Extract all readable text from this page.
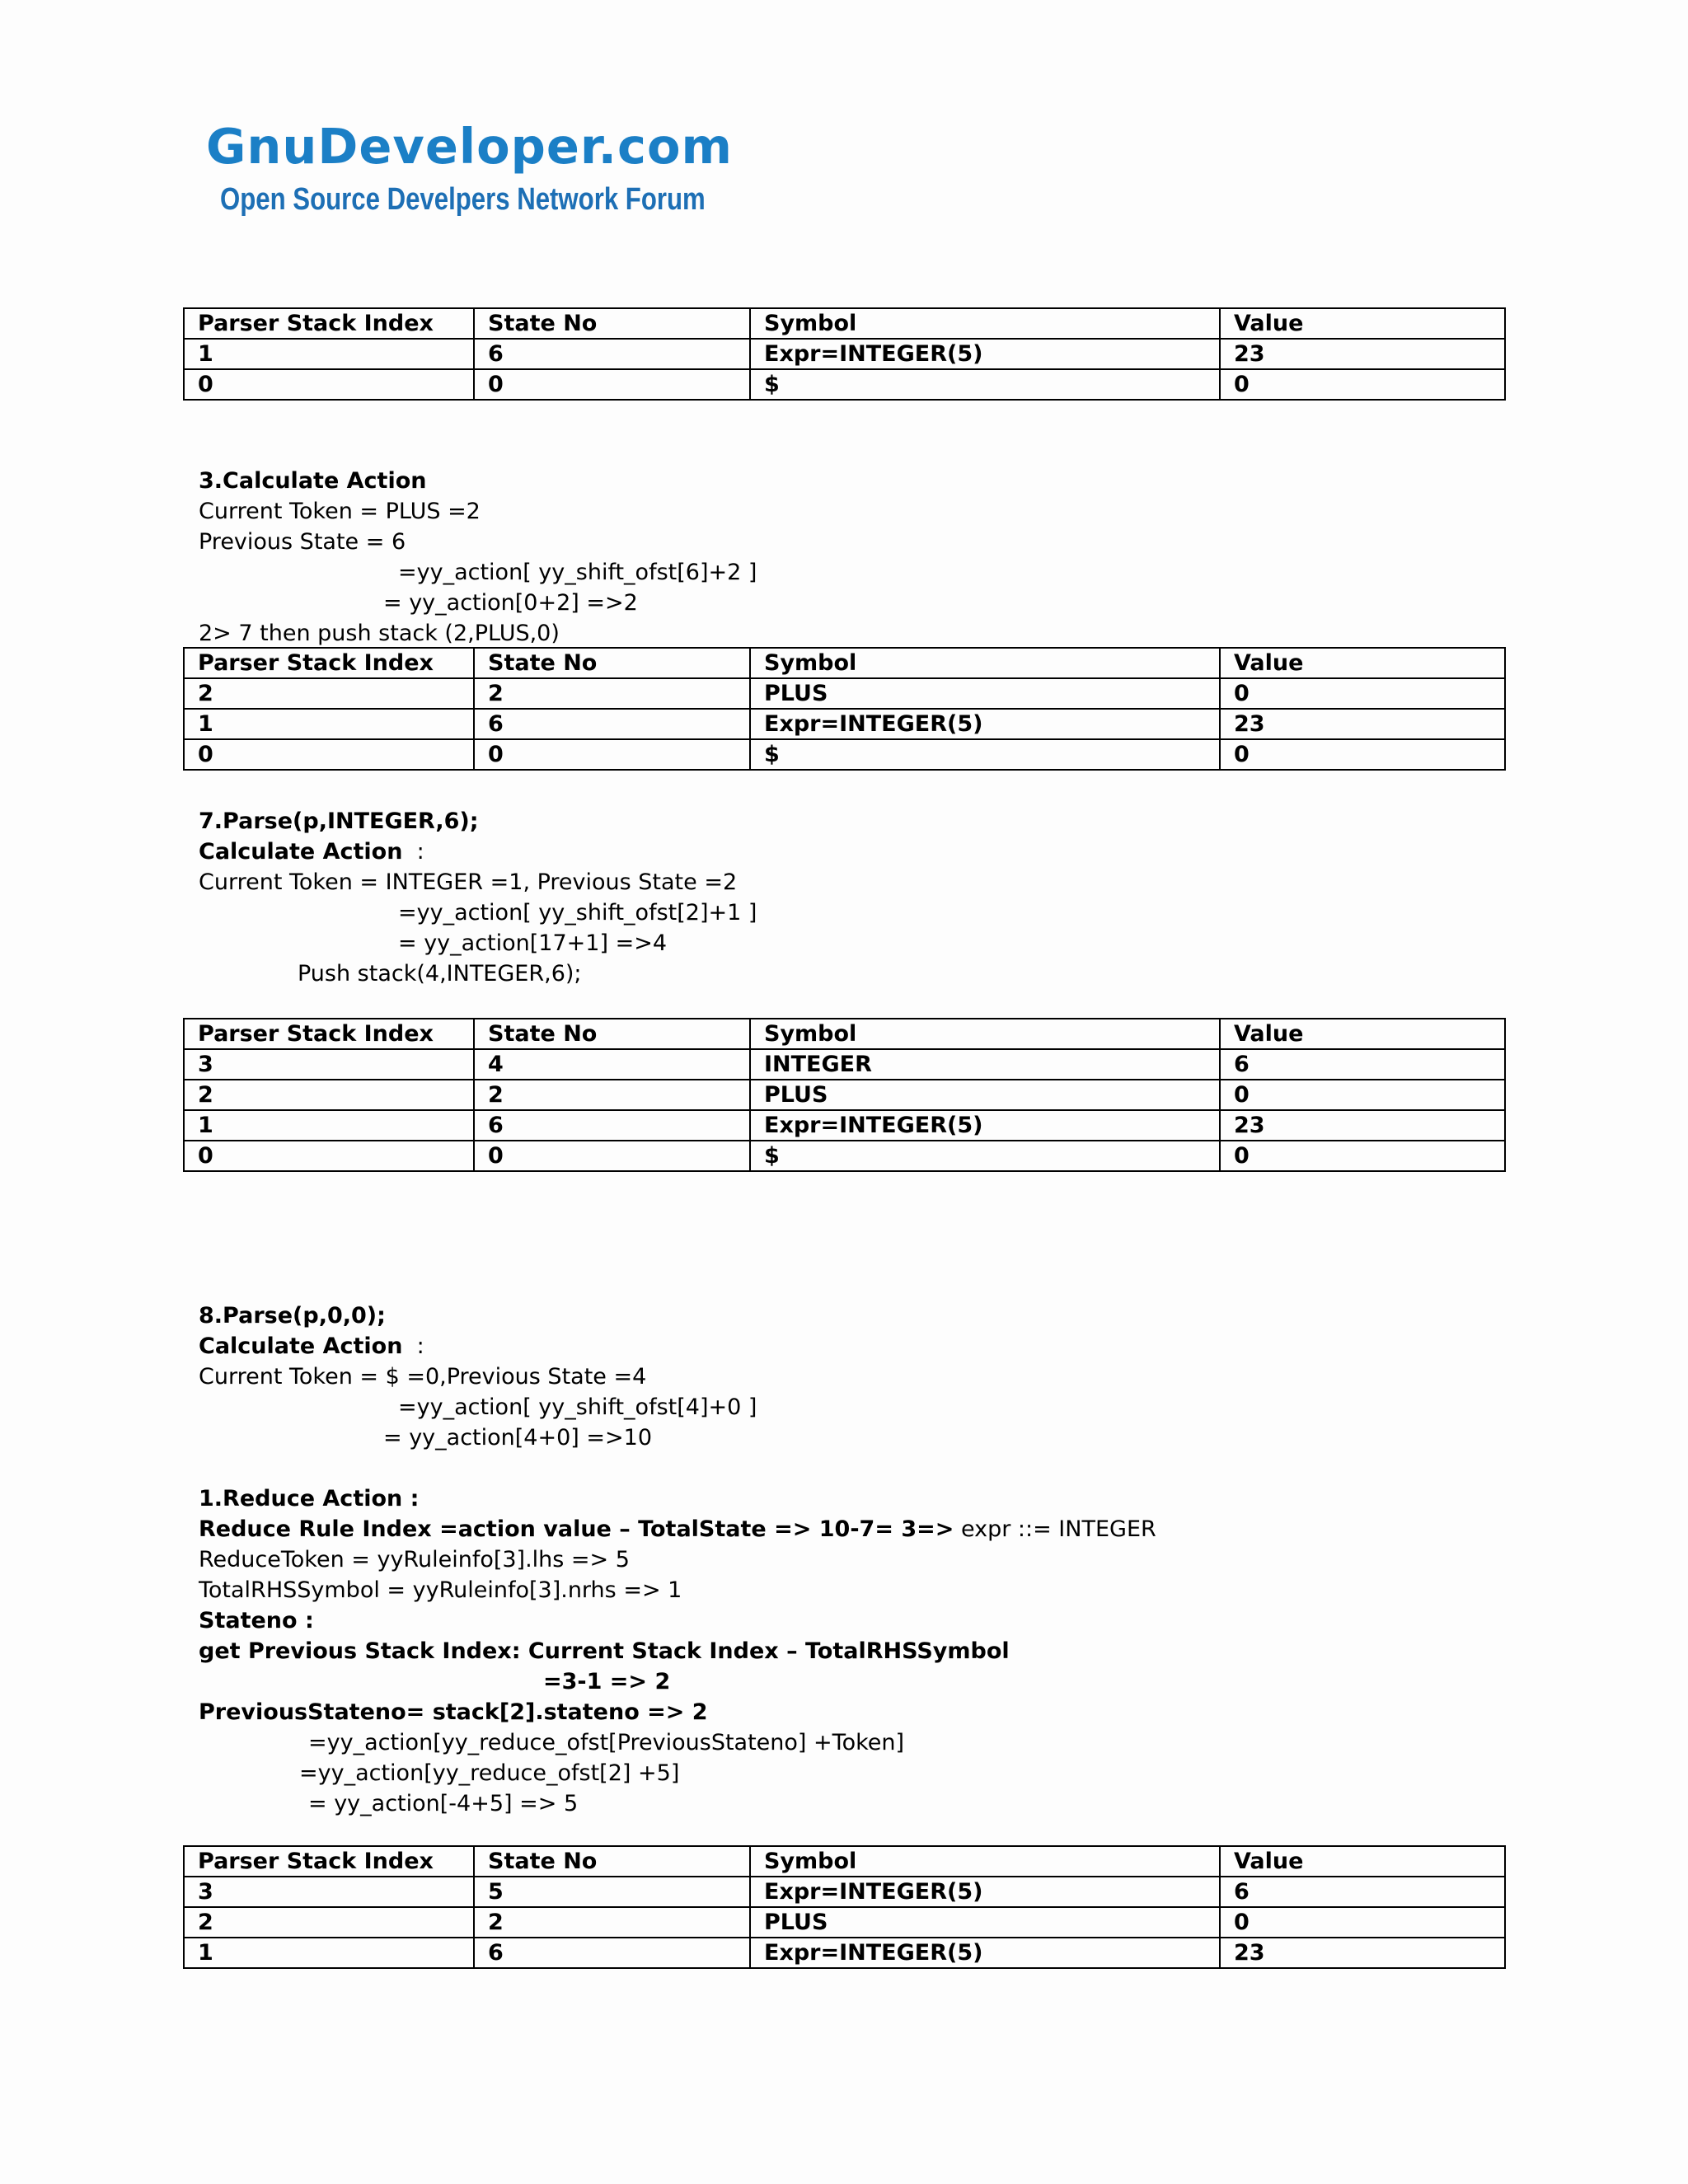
GnuDeveloper.com
Open Source Develpers Network Forum
Parser Stack Index	State No	Symbol	Value
1	6	Expr=INTEGER(5)	23
0	0	$	0
3.Calculate Action
Current Token = PLUS =2
Previous State = 6
=yy_action[ yy_shift_ofst[6]+2 ]
= yy_action[0+2] =>2
2> 7 then push stack (2,PLUS,0)
Parser Stack Index	State No	Symbol	Value
2	2	PLUS	0
1	6	Expr=INTEGER(5)	23
0	0	$	0
7.Parse(p,INTEGER,6);
Calculate Action :
Current Token = INTEGER =1, Previous State =2
=yy_action[ yy_shift_ofst[2]+1 ]
= yy_action[17+1] =>4
Push stack(4,INTEGER,6);
Parser Stack Index	State No	Symbol	Value
3	4	INTEGER	6
2	2	PLUS	0
1	6	Expr=INTEGER(5)	23
0	0	$	0
8.Parse(p,0,0);
Calculate Action :
Current Token = $ =0,Previous State =4
=yy_action[ yy_shift_ofst[4]+0 ]
= yy_action[4+0] =>10
1.Reduce Action :
Reduce Rule Index =action value – TotalState => 10-7= 3=> expr ::= INTEGER
ReduceToken = yyRuleinfo[3].lhs => 5
TotalRHSSymbol = yyRuleinfo[3].nrhs => 1
Stateno :
get Previous Stack Index: Current Stack Index – TotalRHSSymbol
=3-1 => 2
PreviousStateno= stack[2].stateno => 2
=yy_action[yy_reduce_ofst[PreviousStateno] +Token]
=yy_action[yy_reduce_ofst[2] +5]
= yy_action[-4+5] => 5
Parser Stack Index	State No	Symbol	Value
3	5	Expr=INTEGER(5)	6
2	2	PLUS	0
1	6	Expr=INTEGER(5)	23
